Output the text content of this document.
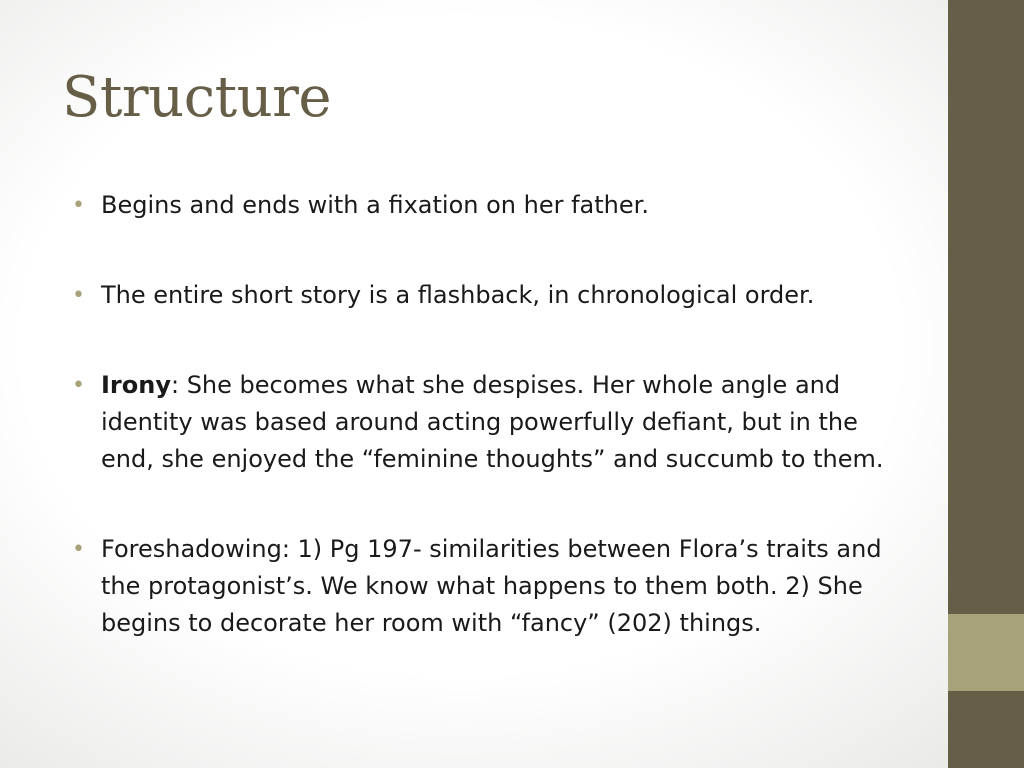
Structure
• Begins and ends with a fixation on her father.
• The entire short story is a flashback, in chronological order.
• Irony: She becomes what she despises. Her whole angle and identity was based around acting powerfully defiant, but in the end, she enjoyed the “feminine thoughts” and succumb to them.
• Foreshadowing: 1) Pg 197- similarities between Flora’s traits and the protagonist’s. We know what happens to them both. 2) She begins to decorate her room with “fancy” (202) things.
